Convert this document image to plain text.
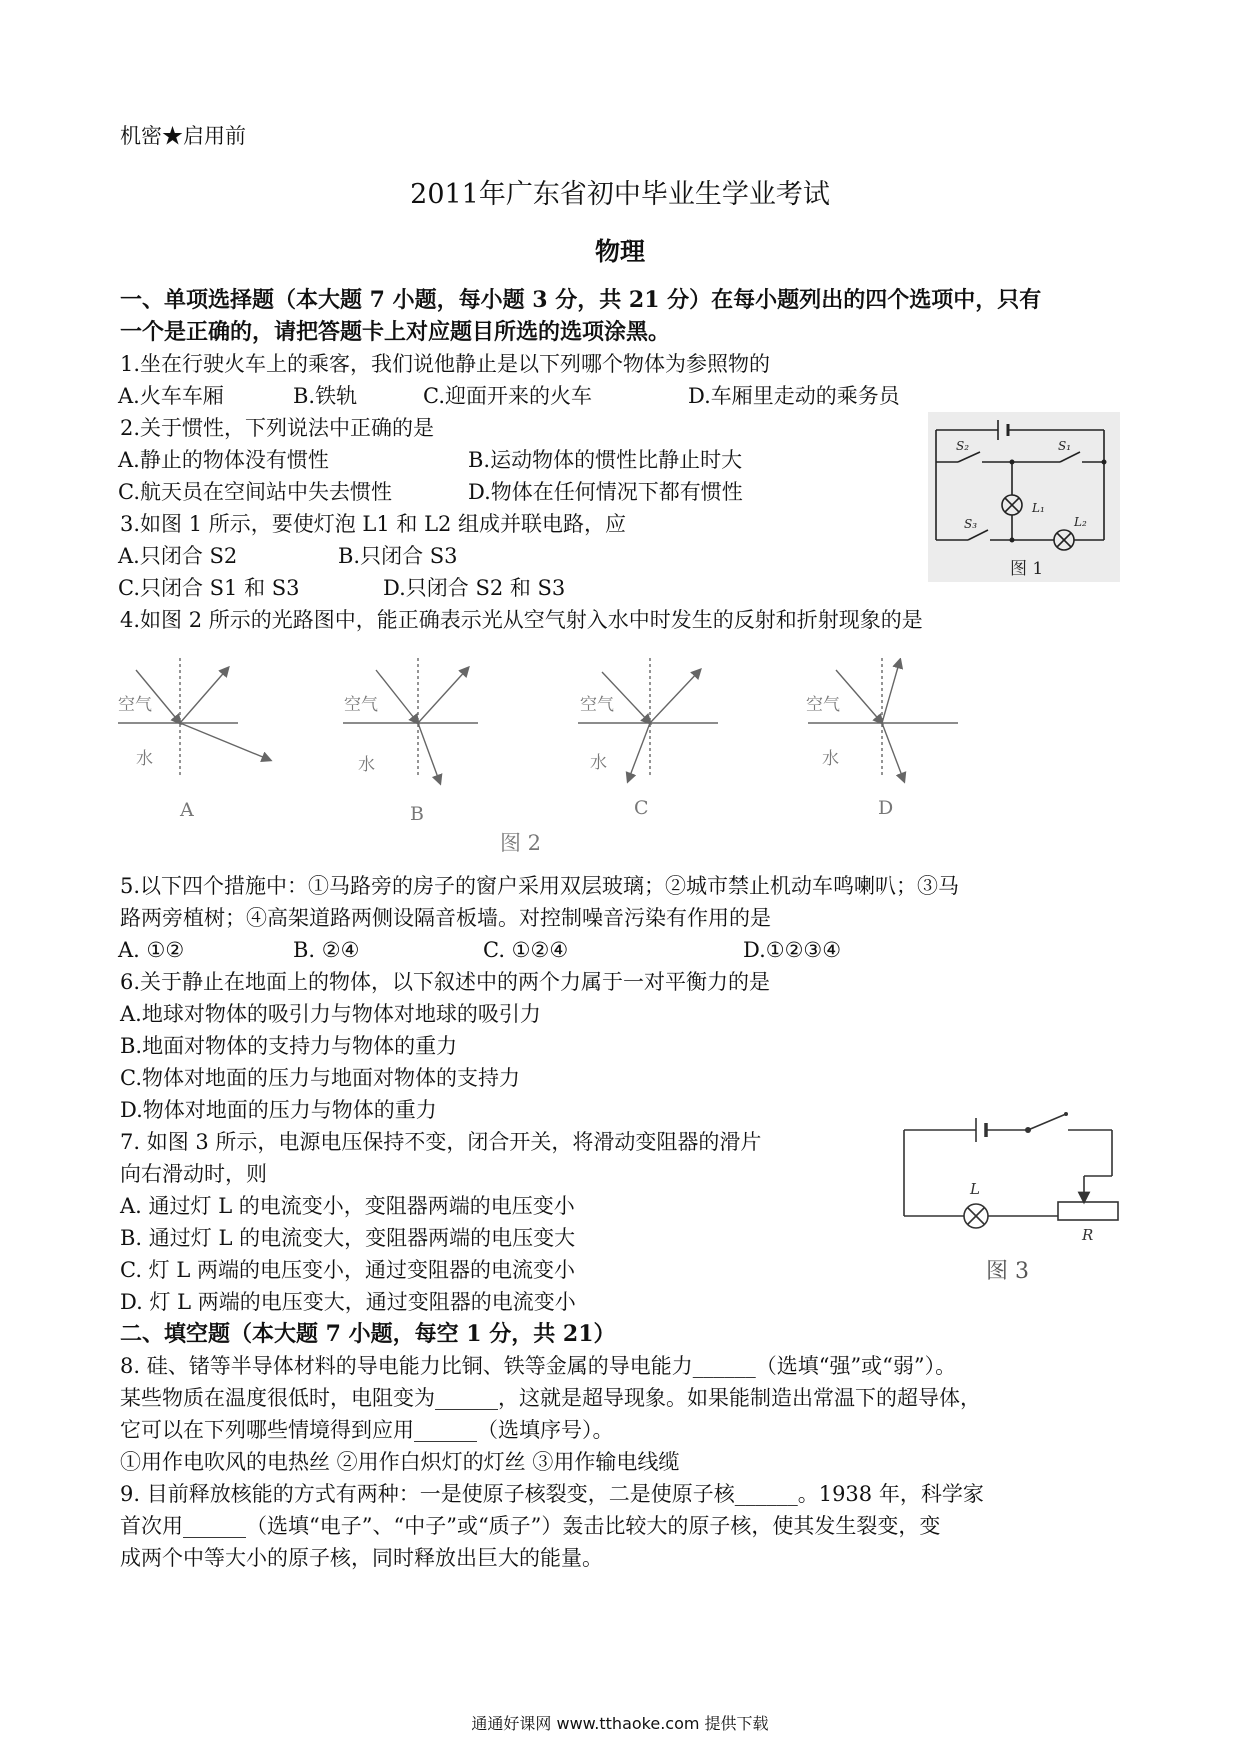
机密★启用前
2011年广东省初中毕业生学业考试
物理
一、单项选择题（本大题 7 小题，每小题 3 分，共 21 分）在每小题列出的四个选项中，只有
一个是正确的，请把答题卡上对应题目所选的选项涂黑。
1.坐在行驶火车上的乘客，我们说他静止是以下列哪个物体为参照物的
A.火车车厢	B.铁轨	C.迎面开来的火车	D.车厢里走动的乘务员
2.关于惯性，下列说法中正确的是
A.静止的物体没有惯性	B.运动物体的惯性比静止时大
C.航天员在空间站中失去惯性	D.物体在任何情况下都有惯性
3.如图 1 所示，要使灯泡 L1 和 L2 组成并联电路，应
A.只闭合 S2	B.只闭合 S3
C.只闭合 S1 和 S3	D.只闭合 S2 和 S3
S₂	S₁
L₁
S₃	L₂
图 1
4.如图 2 所示的光路图中，能正确表示光从空气射入水中时发生的反射和折射现象的是
空气
水
空气
水
空气
水
空气
水
A	B	C	D
图 2
5.以下四个措施中：①马路旁的房子的窗户采用双层玻璃；②城市禁止机动车鸣喇叭；③马
路两旁植树；④高架道路两侧设隔音板墙。对控制噪音污染有作用的是
A. ①②	B. ②④	C. ①②④	D.①②③④
6.关于静止在地面上的物体，以下叙述中的两个力属于一对平衡力的是
A.地球对物体的吸引力与物体对地球的吸引力
B.地面对物体的支持力与物体的重力
C.物体对地面的压力与地面对物体的支持力
D.物体对地面的压力与物体的重力
7. 如图 3 所示，电源电压保持不变，闭合开关，将滑动变阻器的滑片
向右滑动时，则
A. 通过灯 L 的电流变小，变阻器两端的电压变小
B. 通过灯 L 的电流变大，变阻器两端的电压变大
C. 灯 L 两端的电压变小，通过变阻器的电流变小
D. 灯 L 两端的电压变大，通过变阻器的电流变小
L
R
图 3
二、填空题（本大题 7 小题，每空 1 分，共 21）
8. 硅、锗等半导体材料的导电能力比铜、铁等金属的导电能力______（选填“强”或“弱”）。
某些物质在温度很低时，电阻变为______，这就是超导现象。如果能制造出常温下的超导体，
它可以在下列哪些情境得到应用______（选填序号）。
①用作电吹风的电热丝 ②用作白炽灯的灯丝 ③用作输电线缆
9. 目前释放核能的方式有两种：一是使原子核裂变，二是使原子核______。1938 年，科学家
首次用______（选填“电子”、“中子”或“质子”）轰击比较大的原子核，使其发生裂变，变
成两个中等大小的原子核，同时释放出巨大的能量。
通通好课网 www.tthaoke.com 提供下载
